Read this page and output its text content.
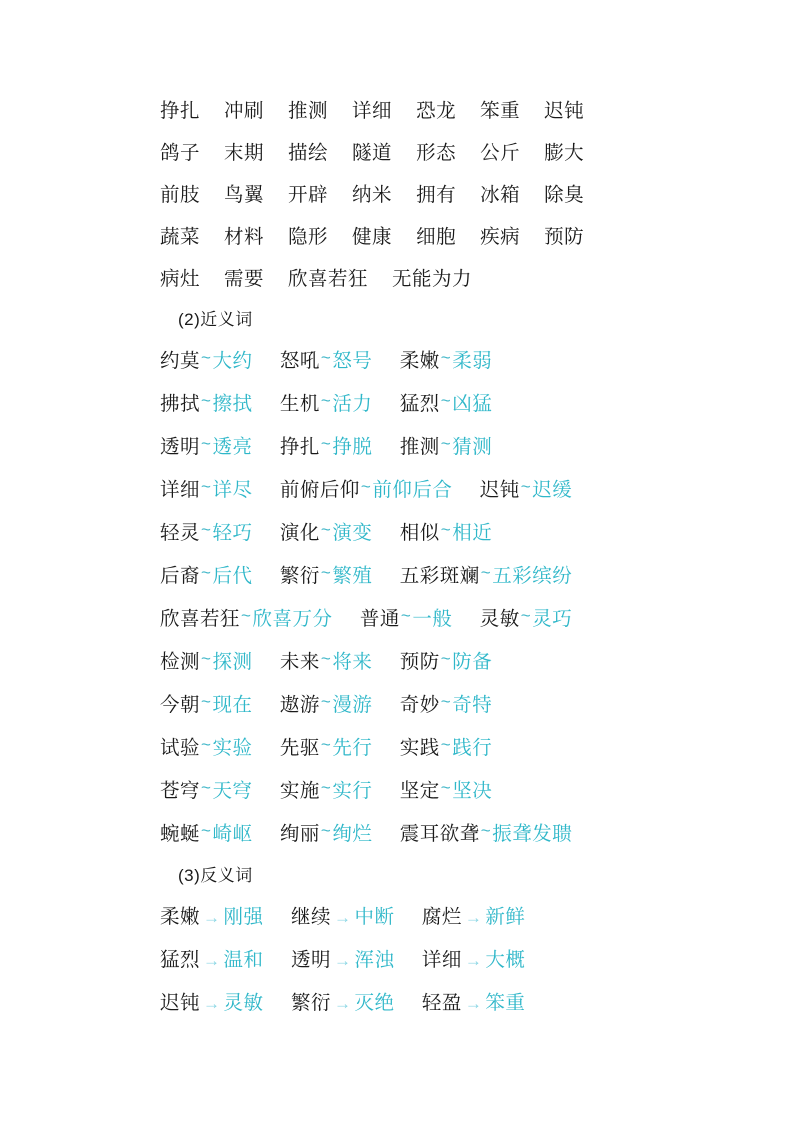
挣扎 冲刷 推测 详细 恐龙 笨重 迟钝
鸽子 末期 描绘 隧道 形态 公斤 膨大
前肢 鸟翼 开辟 纳米 拥有 冰箱 除臭
蔬菜 材料 隐形 健康 细胞 疾病 预防
病灶 需要 欣喜若狂 无能为力
(2)近义词
约莫~大约 怒吼~怒号 柔嫩~柔弱
拂拭~擦拭 生机~活力 猛烈~凶猛
透明~透亮 挣扎~挣脱 推测~猜测
详细~详尽 前俯后仰~前仰后合 迟钝~迟缓
轻灵~轻巧 演化~演变 相似~相近
后裔~后代 繁衍~繁殖 五彩斑斓~五彩缤纷
欣喜若狂~欣喜万分 普通~一般 灵敏~灵巧
检测~探测 未来~将来 预防~防备
今朝~现在 遨游~漫游 奇妙~奇特
试验~实验 先驱~先行 实践~践行
苍穹~天穹 实施~实行 坚定~坚决
蜿蜒~崎岖 绚丽~绚烂 震耳欲聋~振聋发聩
(3)反义词
柔嫩 → 刚强 继续 → 中断 腐烂 → 新鲜
猛烈 → 温和 透明 → 浑浊 详细 → 大概
迟钝 → 灵敏 繁衍 → 灭绝 轻盈 → 笨重
